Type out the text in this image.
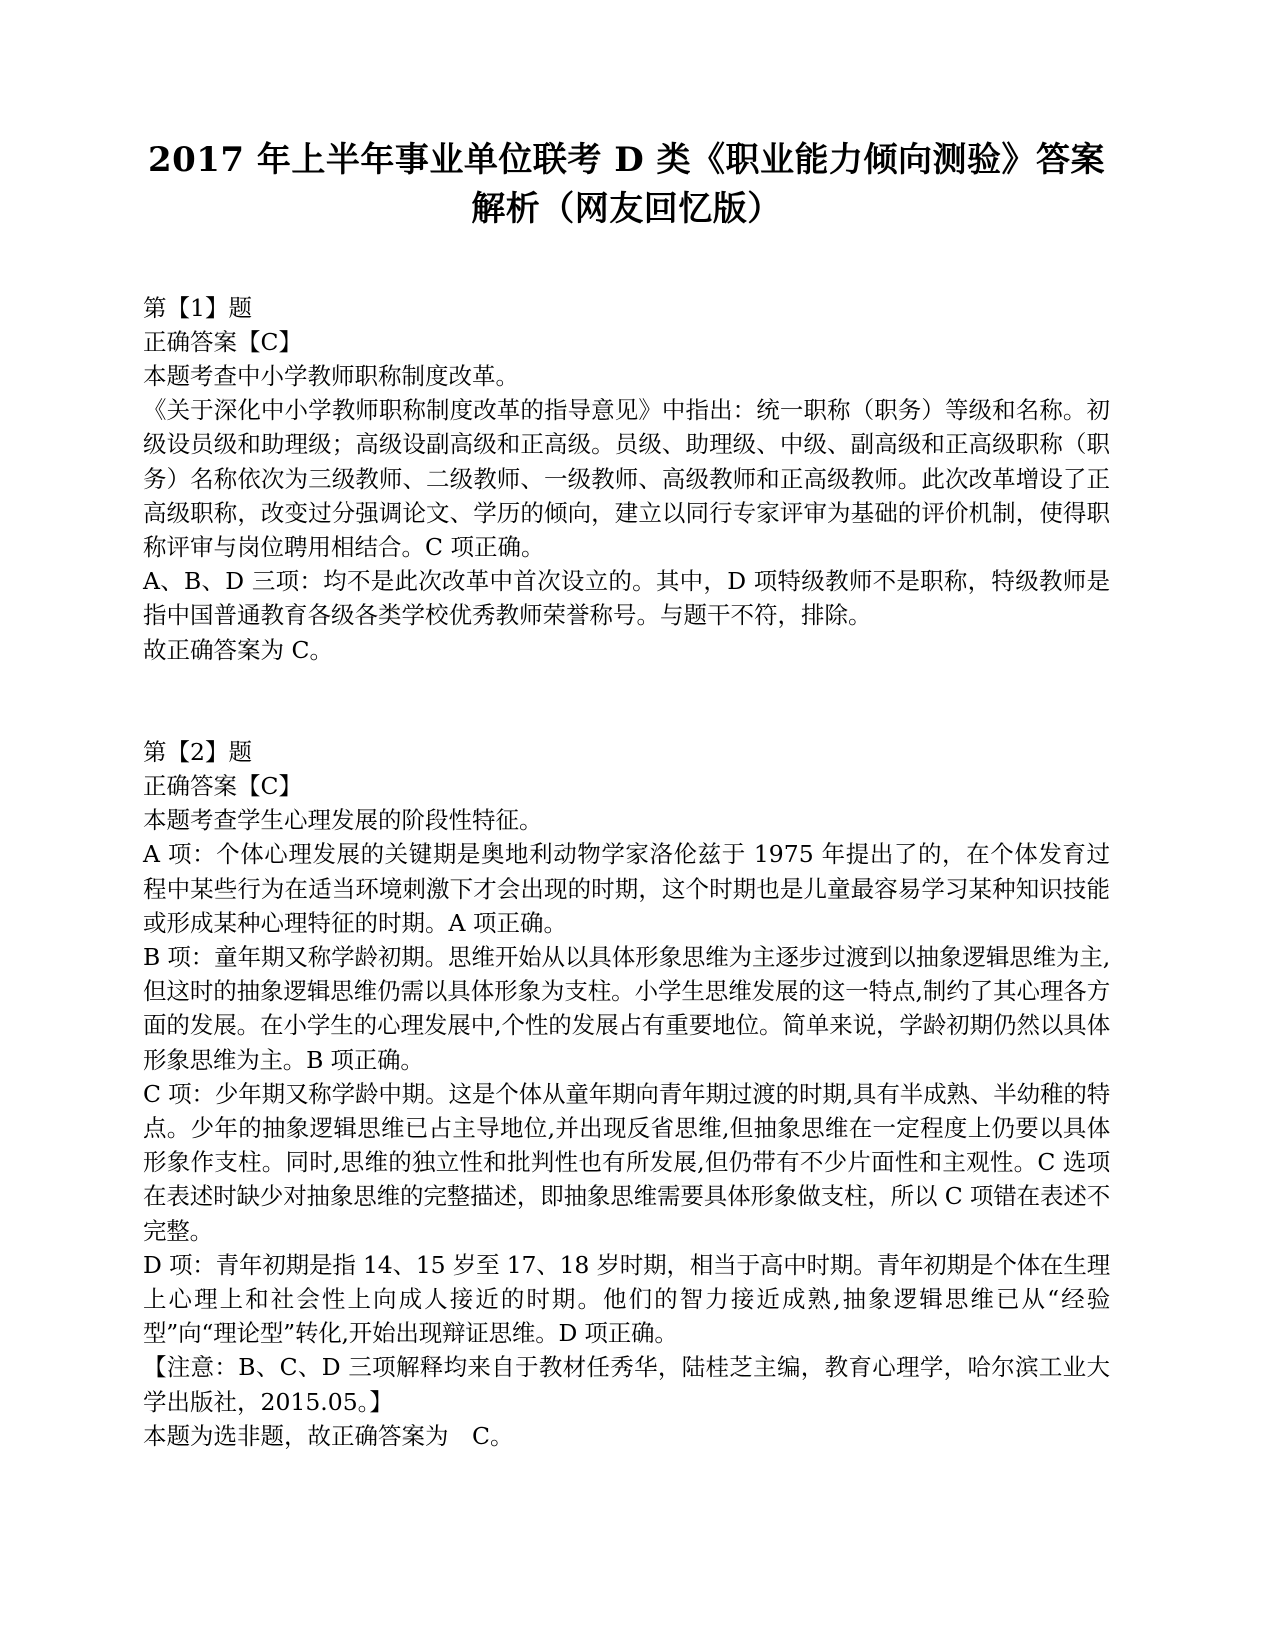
2017 年上半年事业单位联考 D 类《职业能力倾向测验》答案解析（网友回忆版）

第【1】题

正确答案【C】

本题考查中小学教师职称制度改革。

《关于深化中小学教师职称制度改革的指导意见》中指出：统一职称（职务）等级和名称。初级设员级和助理级；高级设副高级和正高级。员级、助理级、中级、副高级和正高级职称（职务）名称依次为三级教师、二级教师、一级教师、高级教师和正高级教师。此次改革增设了正高级职称，改变过分强调论文、学历的倾向，建立以同行专家评审为基础的评价机制，使得职称评审与岗位聘用相结合。C 项正确。

A、B、D 三项：均不是此次改革中首次设立的。其中，D 项特级教师不是职称，特级教师是指中国普通教育各级各类学校优秀教师荣誉称号。与题干不符，排除。

故正确答案为 C。

第【2】题

正确答案【C】

本题考查学生心理发展的阶段性特征。

A 项：个体心理发展的关键期是奥地利动物学家洛伦兹于 1975 年提出了的，在个体发育过程中某些行为在适当环境刺激下才会出现的时期，这个时期也是儿童最容易学习某种知识技能或形成某种心理特征的时期。A 项正确。

B 项：童年期又称学龄初期。思维开始从以具体形象思维为主逐步过渡到以抽象逻辑思维为主,但这时的抽象逻辑思维仍需以具体形象为支柱。小学生思维发展的这一特点,制约了其心理各方面的发展。在小学生的心理发展中,个性的发展占有重要地位。简单来说，学龄初期仍然以具体形象思维为主。B 项正确。

C 项：少年期又称学龄中期。这是个体从童年期向青年期过渡的时期,具有半成熟、半幼稚的特点。少年的抽象逻辑思维已占主导地位,并出现反省思维,但抽象思维在一定程度上仍要以具体形象作支柱。同时,思维的独立性和批判性也有所发展,但仍带有不少片面性和主观性。C 选项在表述时缺少对抽象思维的完整描述，即抽象思维需要具体形象做支柱，所以 C 项错在表述不完整。

D 项：青年初期是指 14、15 岁至 17、18 岁时期，相当于高中时期。青年初期是个体在生理上心理上和社会性上向成人接近的时期。他们的智力接近成熟,抽象逻辑思维已从“经验型”向“理论型”转化,开始出现辩证思维。D 项正确。

【注意：B、C、D 三项解释均来自于教材任秀华，陆桂芝主编，教育心理学，哈尔滨工业大学出版社，2015.05。】

本题为选非题，故正确答案为　C。
